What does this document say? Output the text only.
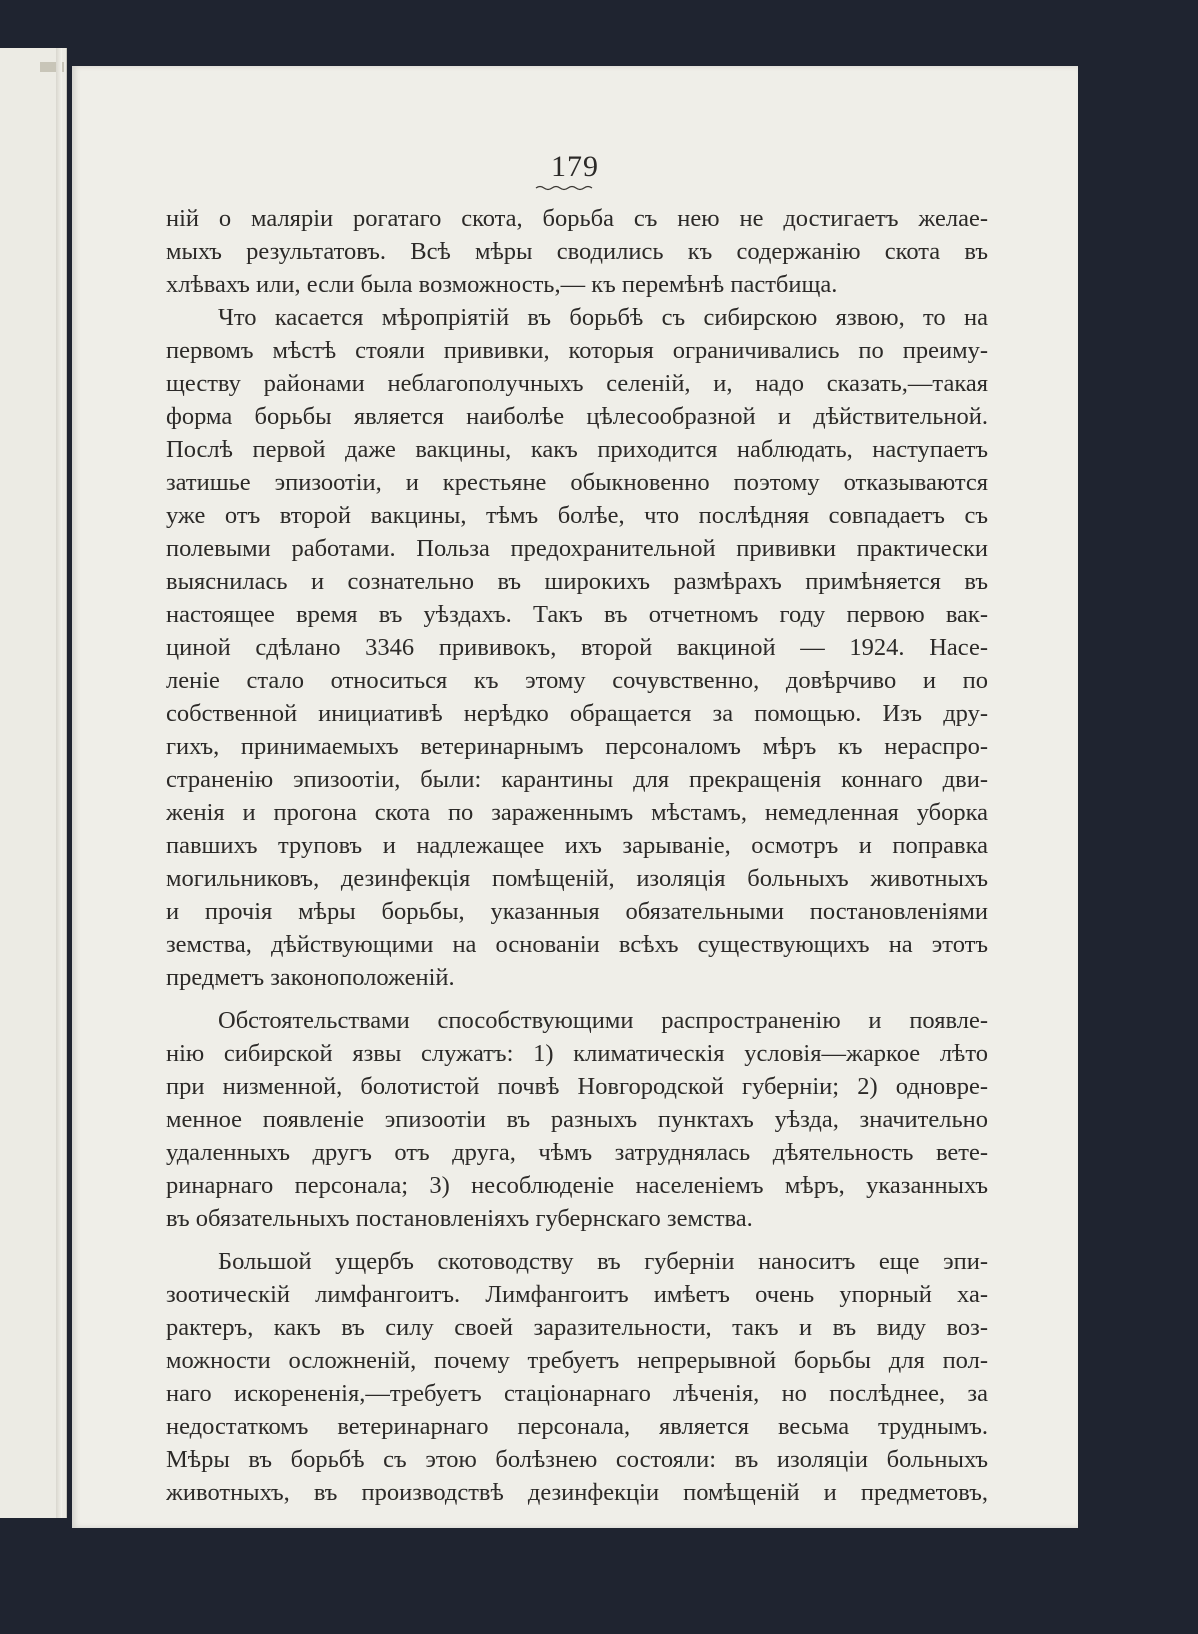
179
ній о маляріи рогатаго скота, борьба съ нею не достигаетъ желае-
мыхъ результатовъ. Всѣ мѣры сводились къ содержанію скота въ
хлѣвахъ или, если была возможность,— къ перемѣнѣ пастбища.
Что касается мѣропріятій въ борьбѣ съ сибирскою язвою, то на
первомъ мѣстѣ стояли прививки, которыя ограничивались по преиму-
ществу районами неблагополучныхъ селеній, и, надо сказать,—такая
форма борьбы является наиболѣе цѣлесообразной и дѣйствительной.
Послѣ первой даже вакцины, какъ приходится наблюдать, наступаетъ
затишье эпизоотіи, и крестьяне обыкновенно поэтому отказываются
уже отъ второй вакцины, тѣмъ болѣе, что послѣдняя совпадаетъ съ
полевыми работами. Польза предохранительной прививки практически
выяснилась и сознательно въ широкихъ размѣрахъ примѣняется въ
настоящее время въ уѣздахъ. Такъ въ отчетномъ году первою вак-
циной сдѣлано 3346 прививокъ, второй вакциной — 1924. Насе-
леніе стало относиться къ этому сочувственно, довѣрчиво и по
собственной инициативѣ нерѣдко обращается за помощью. Изъ дру-
гихъ, принимаемыхъ ветеринарнымъ персоналомъ мѣръ къ нераспро-
страненію эпизоотіи, были: карантины для прекращенія коннаго дви-
женія и прогона скота по зараженнымъ мѣстамъ, немедленная уборка
павшихъ труповъ и надлежащее ихъ зарываніе, осмотръ и поправка
могильниковъ, дезинфекція помѣщеній, изоляція больныхъ животныхъ
и прочія мѣры борьбы, указанныя обязательными постановленіями
земства, дѣйствующими на основаніи всѣхъ существующихъ на этотъ
предметъ законоположеній.
Обстоятельствами способствующими распространенію и появле-
нію сибирской язвы служатъ: 1) климатическія условія—жаркое лѣто
при низменной, болотистой почвѣ Новгородской губерніи; 2) одновре-
менное появленіе эпизоотіи въ разныхъ пунктахъ уѣзда, значительно
удаленныхъ другъ отъ друга, чѣмъ затруднялась дѣятельность вете-
ринарнаго персонала; 3) несоблюденіе населеніемъ мѣръ, указанныхъ
въ обязательныхъ постановленіяхъ губернскаго земства.
Большой ущербъ скотоводству въ губерніи наноситъ еще эпи-
зоотическій лимфангоитъ. Лимфангоитъ имѣетъ очень упорный ха-
рактеръ, какъ въ силу своей заразительности, такъ и въ виду воз-
можности осложненій, почему требуетъ непрерывной борьбы для пол-
наго искорененія,—требуетъ стаціонарнаго лѣченія, но послѣднее, за
недостаткомъ ветеринарнаго персонала, является весьма труднымъ.
Мѣры въ борьбѣ съ этою болѣзнею состояли: въ изоляціи больныхъ
животныхъ, въ производствѣ дезинфекціи помѣщеній и предметовъ,
